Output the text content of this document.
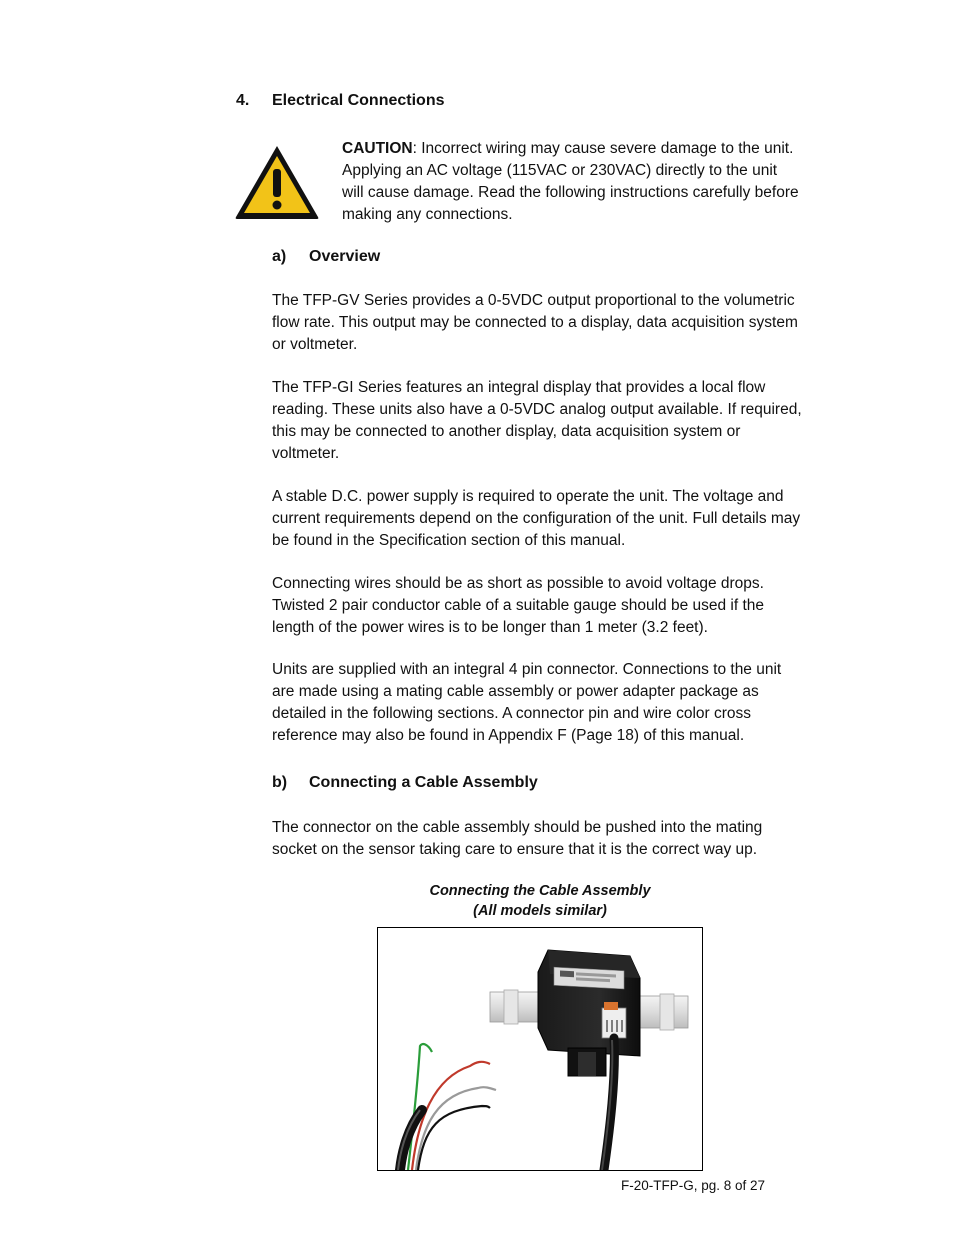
4. Electrical Connections
CAUTION: Incorrect wiring may cause severe damage to the unit. Applying an AC voltage (115VAC or 230VAC) directly to the unit will cause damage. Read the following instructions carefully before making any connections.
a) Overview
The TFP-GV Series provides a 0-5VDC output proportional to the volumetric flow rate. This output may be connected to a display, data acquisition system or voltmeter.
The TFP-GI Series features an integral display that provides a local flow reading. These units also have a 0-5VDC analog output available. If required, this may be connected to another display, data acquisition system or voltmeter.
A stable D.C. power supply is required to operate the unit. The voltage and current requirements depend on the configuration of the unit. Full details may be found in the Specification section of this manual.
Connecting wires should be as short as possible to avoid voltage drops. Twisted 2 pair conductor cable of a suitable gauge should be used if the length of the power wires is to be longer than 1 meter (3.2 feet).
Units are supplied with an integral 4 pin connector. Connections to the unit are made using a mating cable assembly or power adapter package as detailed in the following sections. A connector pin and wire color cross reference may also be found in Appendix F (Page 18) of this manual.
b) Connecting a Cable Assembly
The connector on the cable assembly should be pushed into the mating socket on the sensor taking care to ensure that it is the correct way up.
Connecting the Cable Assembly
(All models similar)
F-20-TFP-G, pg. 8 of 27
